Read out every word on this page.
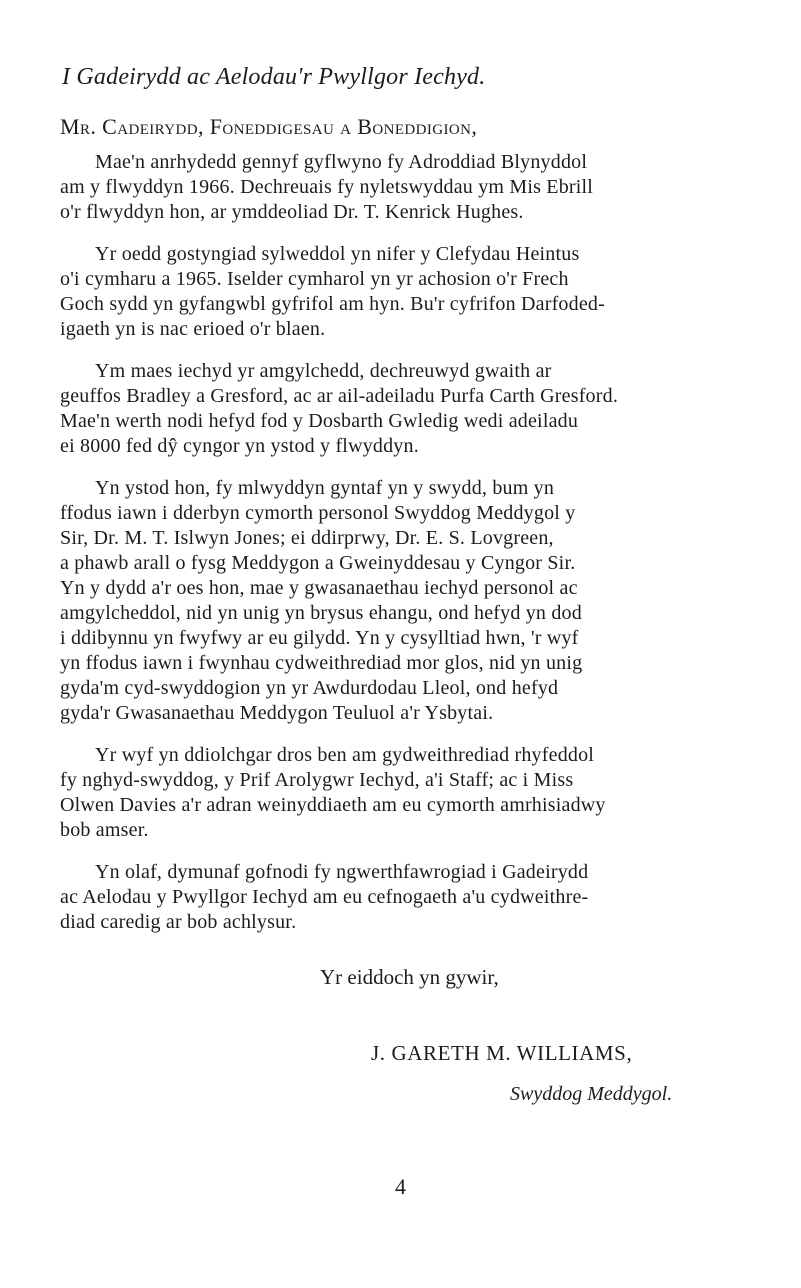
I Gadeirydd ac Aelodau'r Pwyllgor Iechyd.
Mr. Cadeirydd, Foneddigesau a Boneddigion,

Mae'n anrhydedd gennyf gyflwyno fy Adroddiad Blynyddol
am y flwyddyn 1966. Dechreuais fy nyletswyddau ym Mis Ebrill
o'r flwyddyn hon, ar ymddeoliad Dr. T. Kenrick Hughes.

Yr oedd gostyngiad sylweddol yn nifer y Clefydau Heintus
o'i cymharu a 1965. Iselder cymharol yn yr achosion o'r Frech
Goch sydd yn gyfangwbl gyfrifol am hyn. Bu'r cyfrifon Darfoded-
igaeth yn is nac erioed o'r blaen.

Ym maes iechyd yr amgylchedd, dechreuwyd gwaith ar
geuffos Bradley a Gresford, ac ar ail-adeiladu Purfa Carth Gresford.
Mae'n werth nodi hefyd fod y Dosbarth Gwledig wedi adeiladu
ei 8000 fed dŷ cyngor yn ystod y flwyddyn.

Yn ystod hon, fy mlwyddyn gyntaf yn y swydd, bum yn
ffodus iawn i dderbyn cymorth personol Swyddog Meddygol y
Sir, Dr. M. T. Islwyn Jones; ei ddirprwy, Dr. E. S. Lovgreen,
a phawb arall o fysg Meddygon a Gweinyddesau y Cyngor Sir.
Yn y dydd a'r oes hon, mae y gwasanaethau iechyd personol ac
amgylcheddol, nid yn unig yn brysus ehangu, ond hefyd yn dod
i ddibynnu yn fwyfwy ar eu gilydd. Yn y cysylltiad hwn, 'r wyf
yn ffodus iawn i fwynhau cydweithrediad mor glos, nid yn unig
gyda'm cyd-swyddogion yn yr Awdurdodau Lleol, ond hefyd
gyda'r Gwasanaethau Meddygon Teuluol a'r Ysbytai.

Yr wyf yn ddiolchgar dros ben am gydweithrediad rhyfeddol
fy nghyd-swyddog, y Prif Arolygwr Iechyd, a'i Staff; ac i Miss
Olwen Davies a'r adran weinyddiaeth am eu cymorth amrhisiadwy
bob amser.

Yn olaf, dymunaf gofnodi fy ngwerthfawrogiad i Gadeirydd
ac Aelodau y Pwyllgor Iechyd am eu cefnogaeth a'u cydweithre-
diad caredig ar bob achlysur.

Yr eiddoch yn gywir,
J. GARETH M. WILLIAMS,
Swyddog Meddygol.
4
